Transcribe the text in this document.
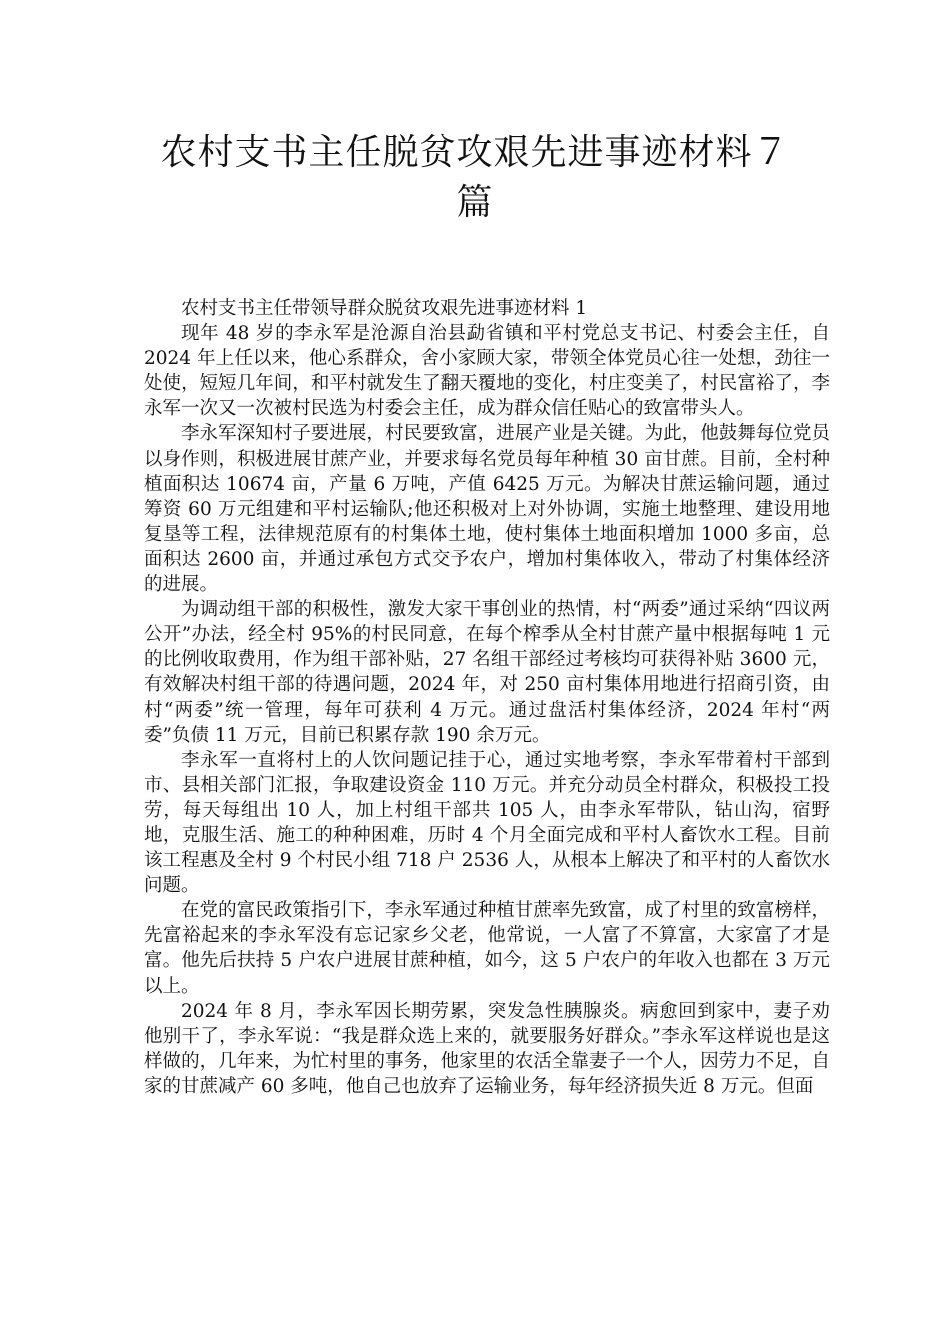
农村支书主任脱贫攻艰先进事迹材料７篇

农村支书主任带领导群众脱贫攻艰先进事迹材料 1

现年 48 岁的李永军是沧源自治县勐省镇和平村党总支书记、村委会主任，自 2024 年上任以来，他心系群众，舍小家顾大家，带领全体党员心往一处想，劲往一处使，短短几年间，和平村就发生了翻天覆地的变化，村庄变美了，村民富裕了，李永军一次又一次被村民选为村委会主任，成为群众信任贴心的致富带头人。

李永军深知村子要进展，村民要致富，进展产业是关键。为此，他鼓舞每位党员以身作则，积极进展甘蔗产业，并要求每名党员每年种植 30 亩甘蔗。目前，全村种植面积达 10674 亩，产量 6 万吨，产值 6425 万元。为解决甘蔗运输问题，通过筹资 60 万元组建和平村运输队;他还积极对上对外协调，实施土地整理、建设用地复垦等工程，法律规范原有的村集体土地，使村集体土地面积增加 1000 多亩，总面积达 2600 亩，并通过承包方式交予农户，增加村集体收入，带动了村集体经济的进展。

为调动组干部的积极性，激发大家干事创业的热情，村“两委”通过采纳“四议两公开”办法，经全村 95%的村民同意，在每个榨季从全村甘蔗产量中根据每吨 1 元的比例收取费用，作为组干部补贴，27 名组干部经过考核均可获得补贴 3600 元，有效解决村组干部的待遇问题，2024 年，对 250 亩村集体用地进行招商引资，由村“两委”统一管理，每年可获利 4 万元。通过盘活村集体经济，2024 年村“两委”负债 11 万元，目前已积累存款 190 余万元。

李永军一直将村上的人饮问题记挂于心，通过实地考察，李永军带着村干部到市、县相关部门汇报，争取建设资金 110 万元。并充分动员全村群众，积极投工投劳，每天每组出 10 人，加上村组干部共 105 人，由李永军带队，钻山沟，宿野地，克服生活、施工的种种困难，历时 4 个月全面完成和平村人畜饮水工程。目前该工程惠及全村 9 个村民小组 718 户 2536 人，从根本上解决了和平村的人畜饮水问题。

在党的富民政策指引下，李永军通过种植甘蔗率先致富，成了村里的致富榜样，先富裕起来的李永军没有忘记家乡父老，他常说，一人富了不算富，大家富了才是富。他先后扶持 5 户农户进展甘蔗种植，如今，这 5 户农户的年收入也都在 3 万元以上。

2024 年 8 月，李永军因长期劳累，突发急性胰腺炎。病愈回到家中，妻子劝他别干了，李永军说：“我是群众选上来的，就要服务好群众。”李永军这样说也是这样做的，几年来，为忙村里的事务，他家里的农活全靠妻子一个人，因劳力不足，自家的甘蔗减产 60 多吨，他自己也放弃了运输业务，每年经济损失近 8 万元。但面
